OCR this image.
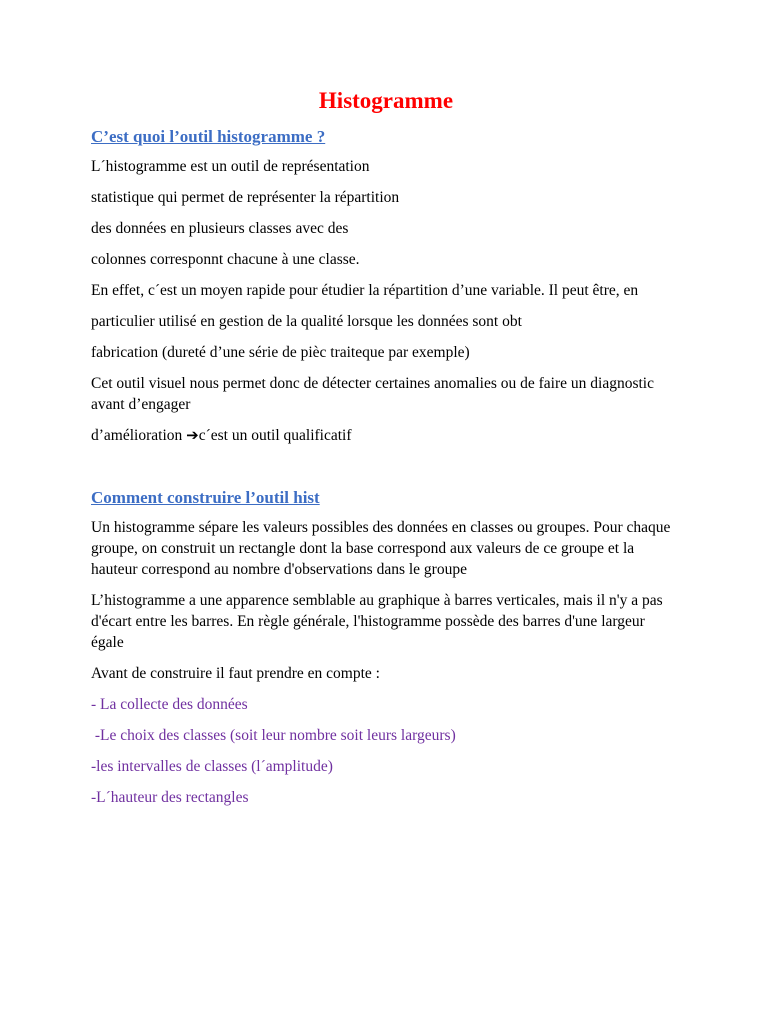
Histogramme
C’est quoi l’outil histogramme ?
L´histogramme est un outil de représentation
statistique qui permet de représenter la répartition
des données en plusieurs classes avec des
colonnes corresponnt chacune à une classe.
En effet, c´est un moyen rapide pour étudier la répartition d’une variable. Il peut être, en
particulier utilisé en gestion de la qualité lorsque les données sont obt
fabrication (dureté d’une série de pièc traiteque par exemple)
Cet outil visuel nous permet donc de détecter certaines anomalies ou de faire un diagnostic avant d’engager
d’amélioration ➔c´est un outil qualificatif
Comment construire l’outil hist
Un histogramme sépare les valeurs possibles des données en classes ou groupes. Pour chaque groupe, on construit un rectangle dont la base correspond aux valeurs de ce groupe et la hauteur correspond au nombre d'observations dans le groupe
L’histogramme a une apparence semblable au graphique à barres verticales, mais il n'y a pas d'écart entre les barres. En règle générale, l'histogramme possède des barres d'une largeur égale
Avant de construire il faut prendre en compte :
- La collecte des données
-Le choix des classes (soit leur nombre soit leurs largeurs)
-les intervalles de classes (l´amplitude)
-L´hauteur des rectangles
